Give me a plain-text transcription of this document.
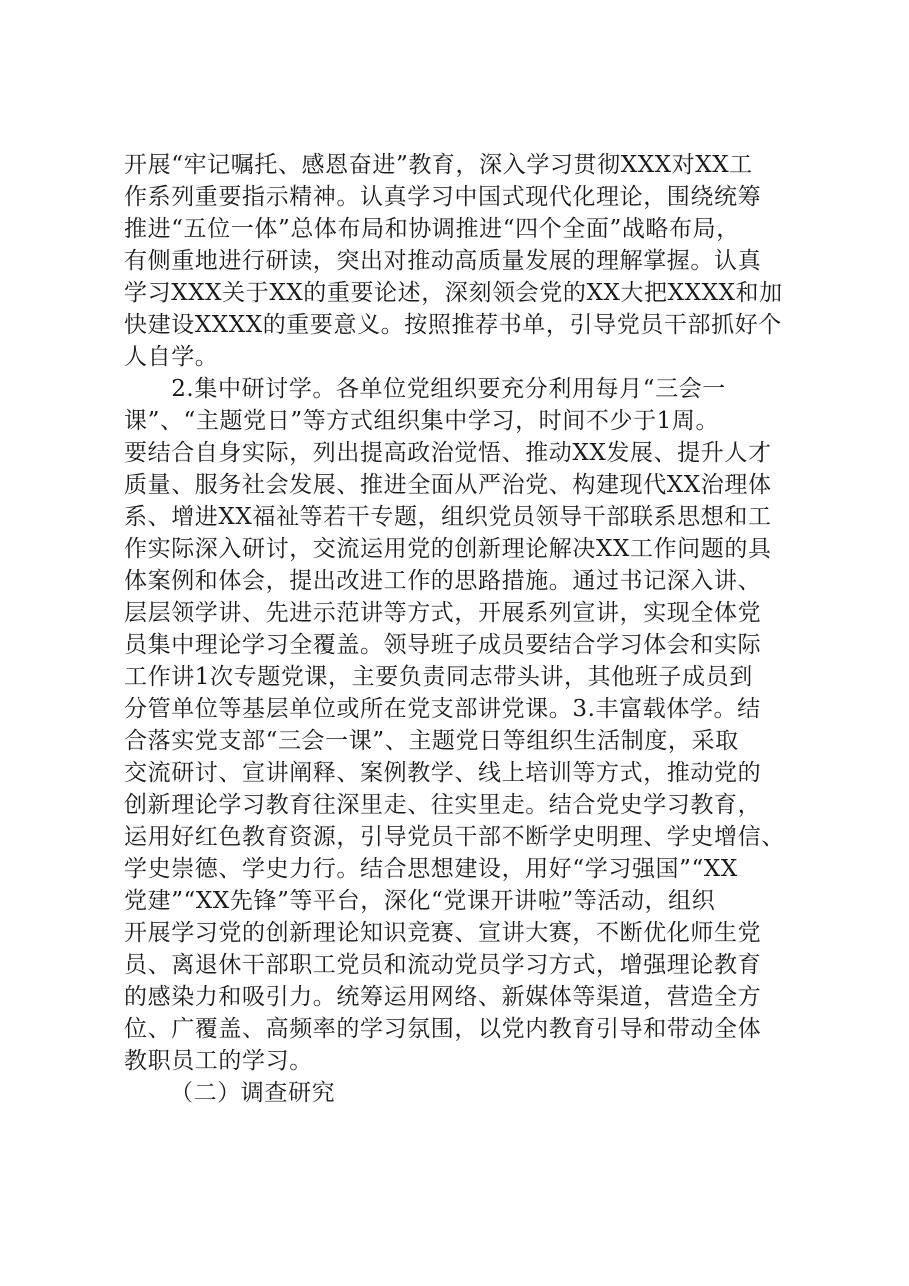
开展“牢记嘱托、感恩奋进”教育，深入学习贯彻XXX对XX工
作系列重要指示精神。认真学习中国式现代化理论，围绕统筹
推进“五位一体”总体布局和协调推进“四个全面”战略布局，
有侧重地进行研读，突出对推动高质量发展的理解掌握。认真
学习XXX关于XX的重要论述，深刻领会党的XX大把XXXX和加
快建设XXXX的重要意义。按照推荐书单，引导党员干部抓好个
人自学。
　　2.集中研讨学。各单位党组织要充分利用每月“三会一
课”、“主题党日”等方式组织集中学习，时间不少于1周。
要结合自身实际，列出提高政治觉悟、推动XX发展、提升人才
质量、服务社会发展、推进全面从严治党、构建现代XX治理体
系、增进XX福祉等若干专题，组织党员领导干部联系思想和工
作实际深入研讨，交流运用党的创新理论解决XX工作问题的具
体案例和体会，提出改进工作的思路措施。通过书记深入讲、
层层领学讲、先进示范讲等方式，开展系列宣讲，实现全体党
员集中理论学习全覆盖。领导班子成员要结合学习体会和实际
工作讲1次专题党课，主要负责同志带头讲，其他班子成员到
分管单位等基层单位或所在党支部讲党课。3.丰富载体学。结
合落实党支部“三会一课”、主题党日等组织生活制度，采取
交流研讨、宣讲阐释、案例教学、线上培训等方式，推动党的
创新理论学习教育往深里走、往实里走。结合党史学习教育，
运用好红色教育资源，引导党员干部不断学史明理、学史增信、
学史崇德、学史力行。结合思想建设，用好“学习强国”“XX
党建”“XX先锋”等平台，深化“党课开讲啦”等活动，组织
开展学习党的创新理论知识竞赛、宣讲大赛，不断优化师生党
员、离退休干部职工党员和流动党员学习方式，增强理论教育
的感染力和吸引力。统筹运用网络、新媒体等渠道，营造全方
位、广覆盖、高频率的学习氛围，以党内教育引导和带动全体
教职员工的学习。
（二）调查研究
